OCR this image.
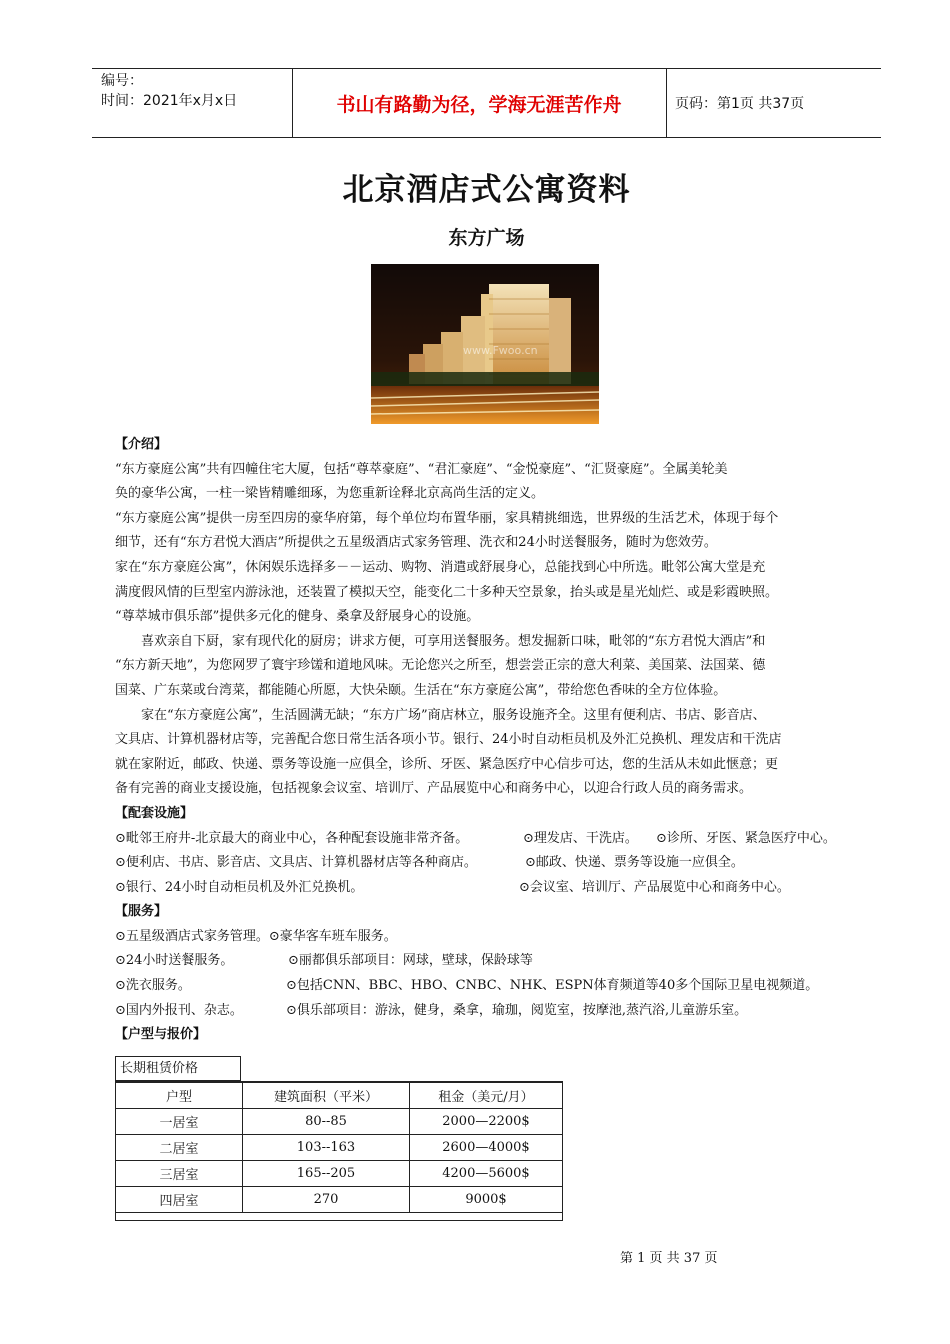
编号：
时间：2021年x月x日	书山有路勤为径，学海无涯苦作舟	页码：第1页 共37页
北京酒店式公寓资料
东方广场
www.Fwoo.cn
【介绍】

“东方豪庭公寓”共有四幢住宅大厦，包括“尊萃豪庭”、“君汇豪庭”、“金悦豪庭”、“汇贤豪庭”。全属美轮美

奂的豪华公寓，一柱一梁皆精雕细琢，为您重新诠释北京高尚生活的定义。

“东方豪庭公寓”提供一房至四房的豪华府第，每个单位均布置华丽，家具精挑细选，世界级的生活艺术，体现于每个

细节，还有“东方君悦大酒店”所提供之五星级酒店式家务管理、洗衣和24小时送餐服务，随时为您效劳。

家在“东方豪庭公寓”，休闲娱乐选择多－－运动、购物、消遣或舒展身心，总能找到心中所选。毗邻公寓大堂是充

满度假风情的巨型室内游泳池，还装置了模拟天空，能变化二十多种天空景象，抬头或是星光灿烂、或是彩霞映照。

“尊萃城市俱乐部”提供多元化的健身、桑拿及舒展身心的设施。

喜欢亲自下厨，家有现代化的厨房；讲求方便，可享用送餐服务。想发掘新口味，毗邻的“东方君悦大酒店”和

“东方新天地”，为您网罗了寰宇珍馐和道地风味。无论您兴之所至，想尝尝正宗的意大利菜、美国菜、法国菜、德

国菜、广东菜或台湾菜，都能随心所愿，大快朵颐。生活在“东方豪庭公寓”，带给您色香味的全方位体验。

家在“东方豪庭公寓”，生活圆满无缺；“东方广场”商店林立，服务设施齐全。这里有便利店、书店、影音店、

文具店、计算机器材店等，完善配合您日常生活各项小节。银行、24小时自动柜员机及外汇兑换机、理发店和干洗店

就在家附近，邮政、快递、票务等设施一应俱全，诊所、牙医、紧急医疗中心信步可达，您的生活从未如此惬意；更

备有完善的商业支援设施，包括视象会议室、培训厅、产品展览中心和商务中心，以迎合行政人员的商务需求。

【配套设施】
⊙毗邻王府井-北京最大的商业中心，各种配套设施非常齐备。	⊙理发店、干洗店。 ⊙诊所、牙医、紧急医疗中心。
⊙便利店、书店、影音店、文具店、计算机器材店等各种商店。	⊙邮政、快递、票务等设施一应俱全。
⊙银行、24小时自动柜员机及外汇兑换机。	⊙会议室、培训厅、产品展览中心和商务中心。
【服务】
⊙五星级酒店式家务管理。⊙豪华客车班车服务。
⊙24小时送餐服务。	⊙丽都俱乐部项目：网球，壁球，保龄球等
⊙洗衣服务。	⊙包括CNN、BBC、HBO、CNBC、NHK、ESPN体育频道等40多个国际卫星电视频道。
⊙国内外报刊、杂志。	⊙俱乐部项目：游泳，健身，桑拿，瑜珈，阅览室，按摩池,蒸汽浴,儿童游乐室。
【户型与报价】
长期租赁价格
户型	建筑面积（平米）	租金（美元/月）
一居室	80--85	2000—2200$
二居室	103--163	2600—4000$
三居室	165--205	4200—5600$
四居室	270	9000$
第 1 页 共 37 页
